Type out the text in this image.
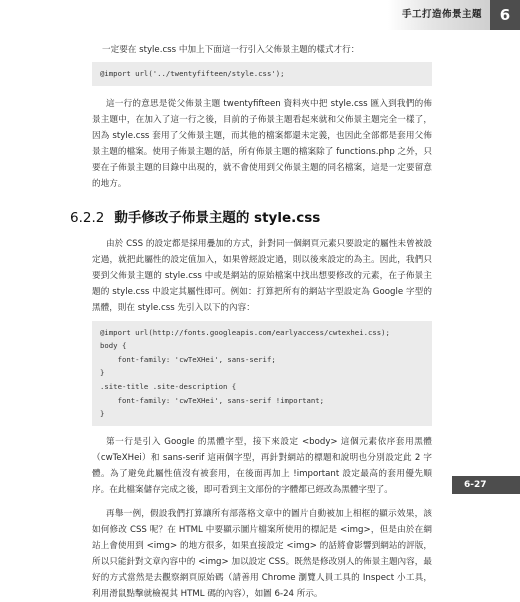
手工打造佈景主題	6

一定要在 style.css 中加上下面這一行引入父佈景主題的樣式才行：

@import url('../twentyfifteen/style.css');

這一行的意思是從父佈景主題 twentyfifteen 資料夾中把 style.css 匯入到我們的佈景主題中，在加入了這一行之後，目前的子佈景主題看起來就和父佈景主題完全一樣了，因為 style.css 套用了父佈景主題，而其他的檔案都還未定義，也因此全部都是套用父佈景主題的檔案。使用子佈景主題的話，所有佈景主題的檔案除了 functions.php 之外，只要在子佈景主題的目錄中出現的，就不會使用到父佈景主題的同名檔案，這是一定要留意的地方。

6.2.2 動手修改子佈景主題的 style.css

由於 CSS 的設定都是採用疊加的方式，針對同一個網頁元素只要設定的屬性未曾被設定過，就把此屬性的設定值加入，如果曾經設定過，則以後來設定的為主。因此，我們只要到父佈景主題的 style.css 中或是網站的原始檔案中找出想要修改的元素，在子佈景主題的 style.css 中設定其屬性即可。例如：打算把所有的網站字型設定為 Google 字型的黑體，則在 style.css 先引入以下的內容：

@import url(http://fonts.googleapis.com/earlyaccess/cwtexhei.css);
body {
font-family: 'cwTeXHei', sans-serif;
}
.site-title .site-description {
font-family: 'cwTeXHei', sans-serif !important;
}

第一行是引入 Google 的黑體字型，接下來設定 <body> 這個元素依序套用黑體（cwTeXHei）和 sans-serif 這兩個字型，再針對網站的標題和說明也分別設定此 2 字體。為了避免此屬性值沒有被套用，在後面再加上 !important 設定最高的套用優先順序。在此檔案儲存完成之後，即可看到主文部份的字體都已經改為黑體字型了。

再舉一例，假設我們打算讓所有部落格文章中的圖片自動被加上相框的顯示效果，該如何修改 CSS 呢？在 HTML 中要顯示圖片檔案所使用的標記是 <img>，但是由於在網站上會使用到 <img> 的地方很多，如果直接設定 <img> 的話將會影響到網站的評版，所以只能針對文章內容中的 <img> 加以設定 CSS。既然是修改別人的佈景主題內容，最好的方式當然是去觀察網頁原始碼（請善用 Chrome 瀏覽人員工具的 Inspect 小工具，利用滑鼠點擊就檢視其 HTML 碼的內容），如圖 6-24 所示。

6-27
